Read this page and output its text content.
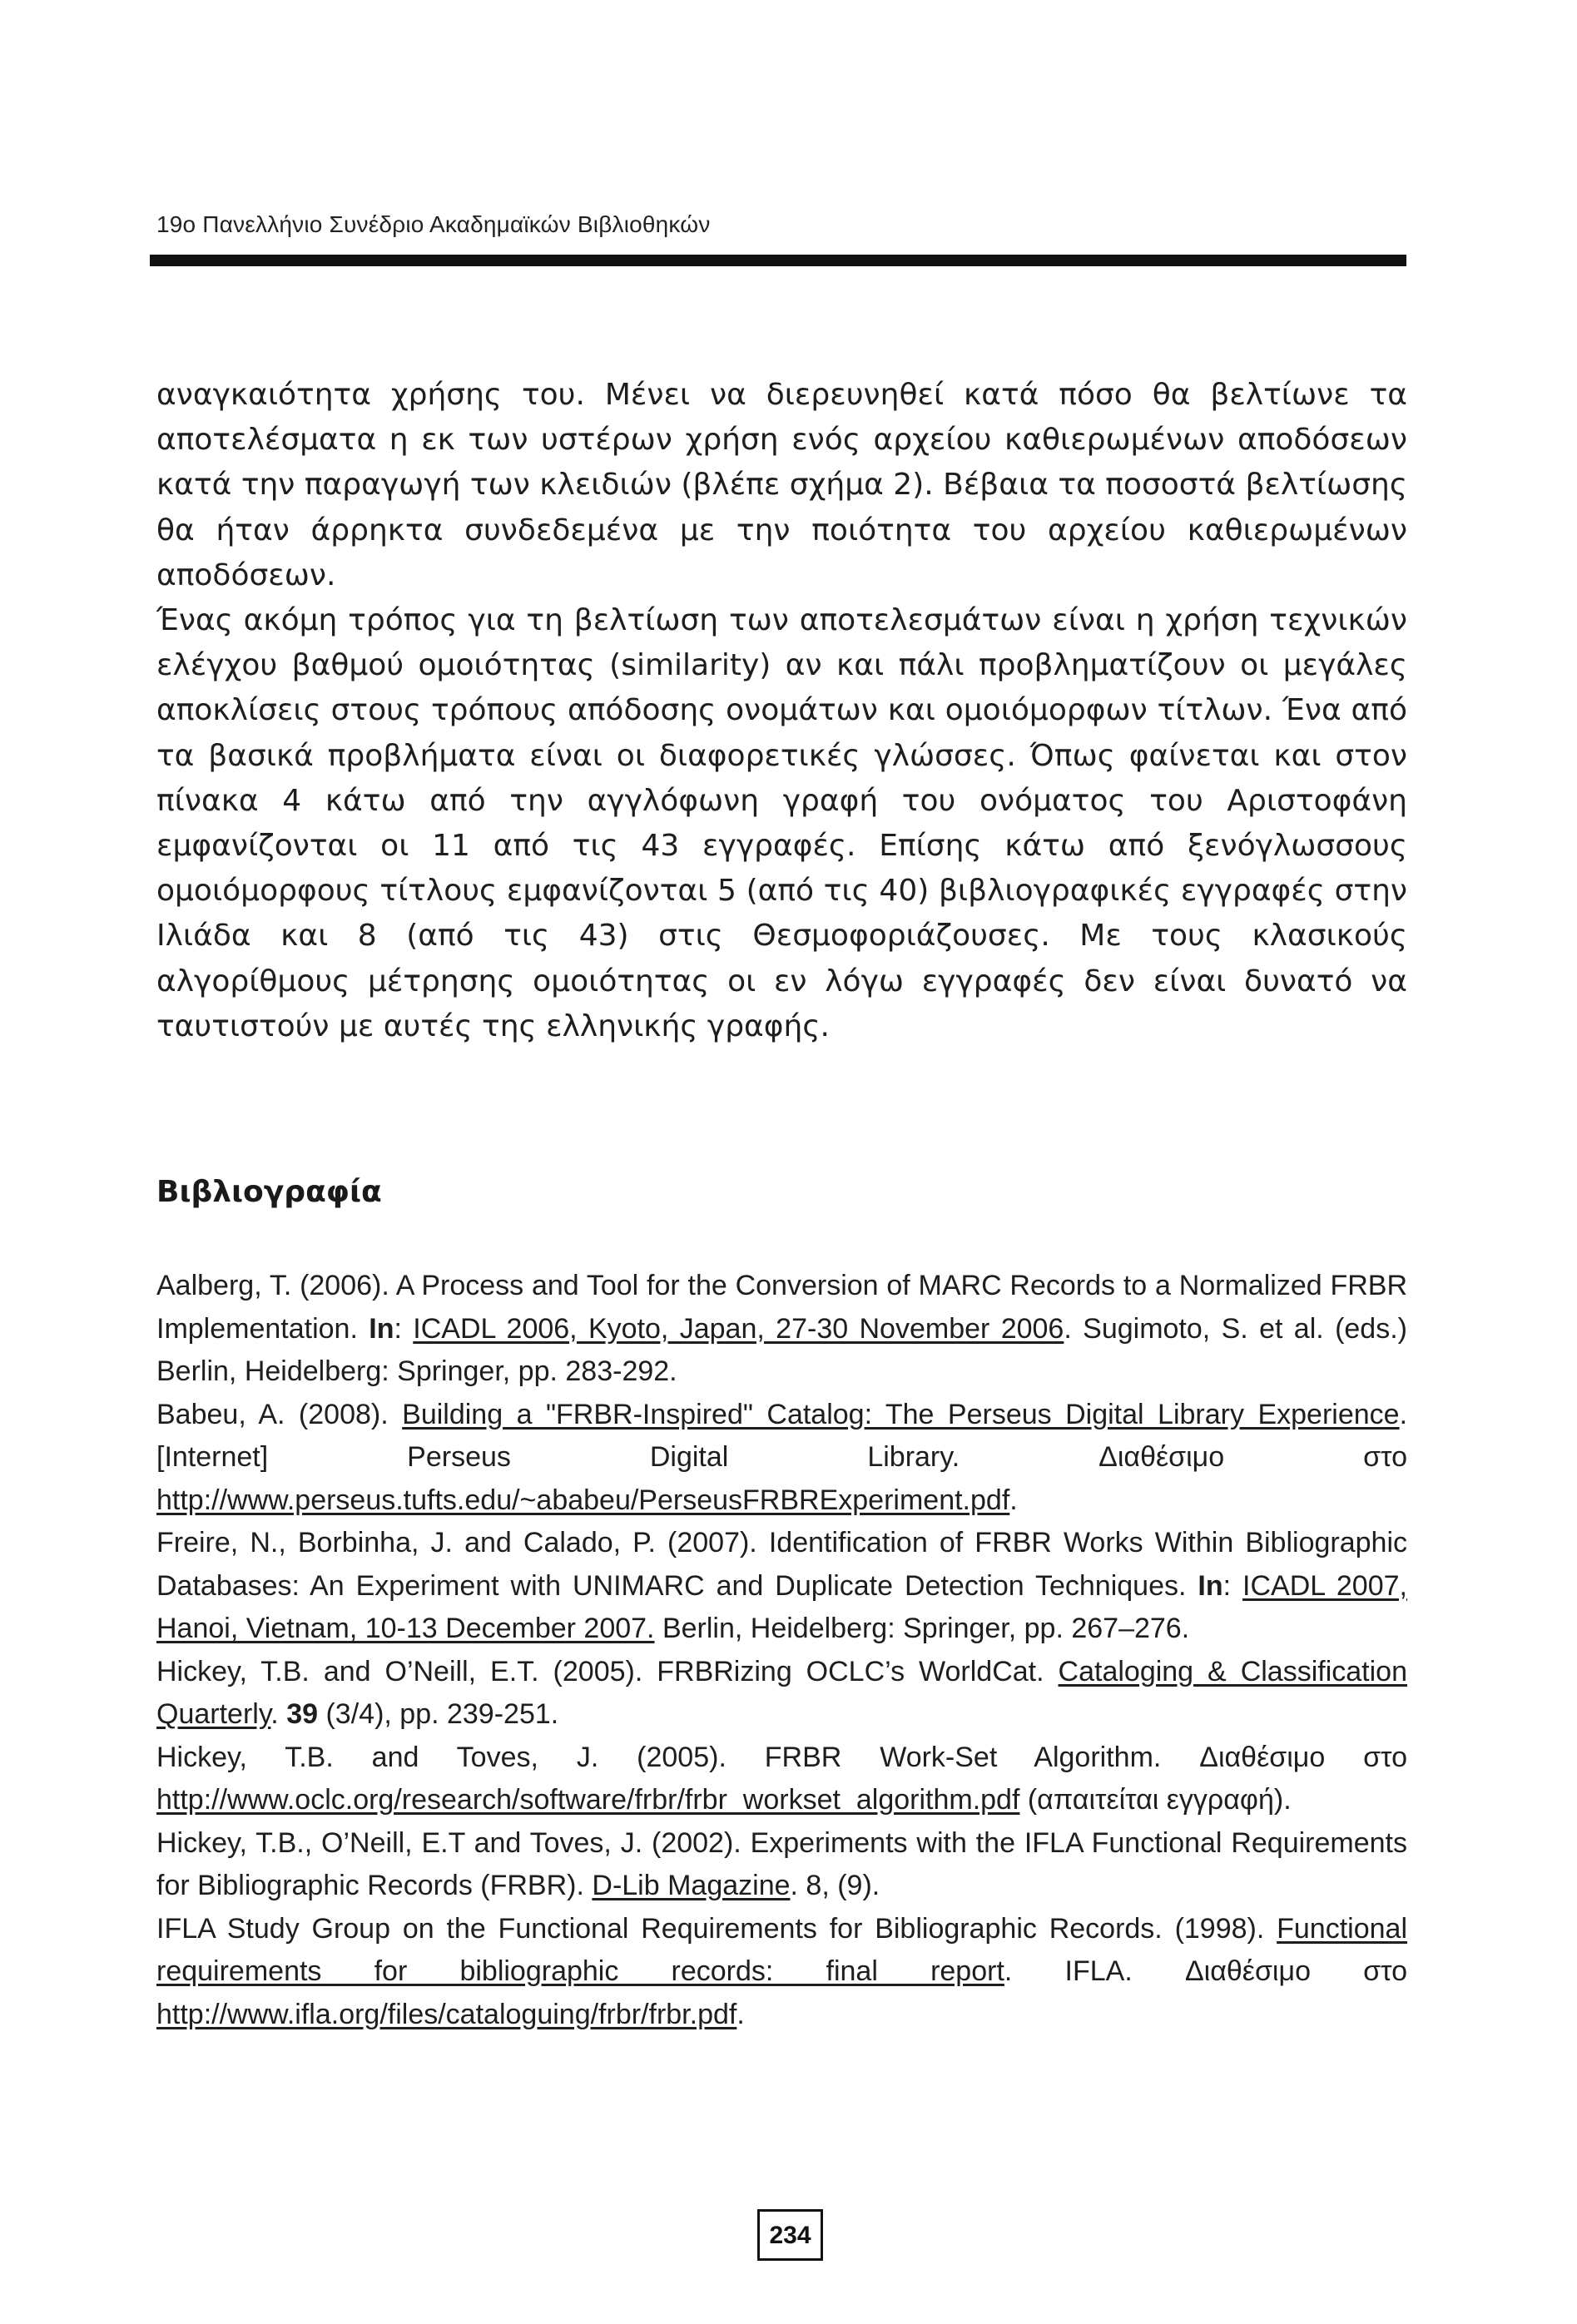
19ο Πανελλήνιο Συνέδριο Ακαδημαϊκών Βιβλιοθηκών

αναγκαιότητα χρήσης του. Μένει να διερευνηθεί κατά πόσο θα βελτίωνε τα αποτελέσματα η εκ των υστέρων χρήση ενός αρχείου καθιερωμένων αποδόσεων κατά την παραγωγή των κλειδιών (βλέπε σχήμα 2). Βέβαια τα ποσοστά βελτίωσης θα ήταν άρρηκτα συνδεδεμένα με την ποιότητα του αρχείου καθιερωμένων αποδόσεων.

Ένας ακόμη τρόπος για τη βελτίωση των αποτελεσμάτων είναι η χρήση τεχνικών ελέγχου βαθμού ομοιότητας (similarity) αν και πάλι προβληματίζουν οι μεγάλες αποκλίσεις στους τρόπους απόδοσης ονομάτων και ομοιόμορφων τίτλων. Ένα από τα βασικά προβλήματα είναι οι διαφορετικές γλώσσες. Όπως φαίνεται και στον πίνακα 4 κάτω από την αγγλόφωνη γραφή του ονόματος του Αριστοφάνη εμφανίζονται οι 11 από τις 43 εγγραφές. Επίσης κάτω από ξενόγλωσσους ομοιόμορφους τίτλους εμφανίζονται 5 (από τις 40) βιβλιογραφικές εγγραφές στην Ιλιάδα και 8 (από τις 43) στις Θεσμοφοριάζουσες. Με τους κλασικούς αλγορίθμους μέτρησης ομοιότητας οι εν λόγω εγγραφές δεν είναι δυνατό να ταυτιστούν με αυτές της ελληνικής γραφής.

Βιβλιογραφία

Aalberg, T. (2006). A Process and Tool for the Conversion of MARC Records to a Normalized FRBR Implementation. In: ICADL 2006, Kyoto, Japan, 27-30 November 2006. Sugimoto, S. et al. (eds.) Berlin, Heidelberg: Springer, pp. 283-292.

Babeu, A. (2008). Building a "FRBR-Inspired" Catalog: The Perseus Digital Library Experience. [Internet] Perseus Digital Library. Διαθέσιμο στο http://www.perseus.tufts.edu/~ababeu/PerseusFRBRExperiment.pdf.

Freire, N., Borbinha, J. and Calado, P. (2007). Identification of FRBR Works Within Bibliographic Databases: An Experiment with UNIMARC and Duplicate Detection Techniques. In: ICADL 2007, Hanoi, Vietnam, 10-13 December 2007. Berlin, Heidelberg: Springer, pp. 267–276.

Hickey, T.B. and O’Neill, E.T. (2005). FRBRizing OCLC’s WorldCat. Cataloging & Classification Quarterly. 39 (3/4), pp. 239-251.

Hickey, T.B. and Toves, J. (2005). FRBR Work-Set Algorithm. Διαθέσιμο στο http://www.oclc.org/research/software/frbr/frbr_workset_algorithm.pdf (απαιτείται εγγραφή).

Hickey, T.B., O’Neill, E.T and Toves, J. (2002). Experiments with the IFLA Functional Requirements for Bibliographic Records (FRBR). D-Lib Magazine. 8, (9).

IFLA Study Group on the Functional Requirements for Bibliographic Records. (1998). Functional requirements for bibliographic records: final report. IFLA. Διαθέσιμο στο http://www.ifla.org/files/cataloguing/frbr/frbr.pdf.

234
